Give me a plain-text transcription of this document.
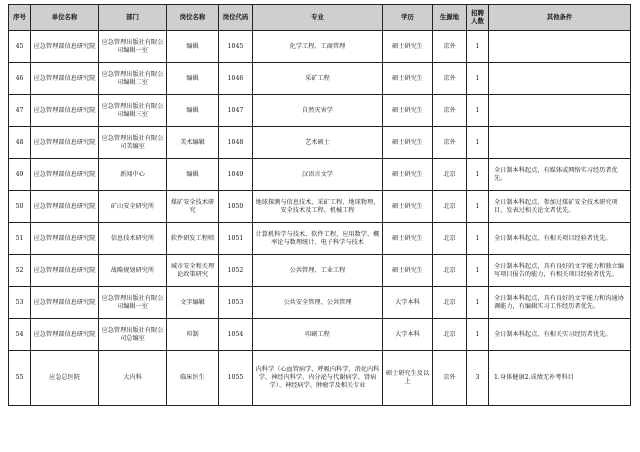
序号	单位名称	部门	岗位名称	岗位代码	专业	学历	生源地	招聘人数	其他条件
45	应急管理部信息研究院	应急管理出版社有限公司编辑一室	编辑	1045	化学工程、工商管理	硕士研究生	京外	1	
46	应急管理部信息研究院	应急管理出版社有限公司编辑二室	编辑	1046	采矿工程	硕士研究生	京外	1	
47	应急管理部信息研究院	应急管理出版社有限公司编辑三室	编辑	1047	自然灾害学	硕士研究生	京外	1	
48	应急管理部信息研究院	应急管理出版社有限公司美编室	美术编辑	1048	艺术硕士	硕士研究生	京外	1	
49	应急管理部信息研究院	新闻中心	编辑	1049	汉语言文学	硕士研究生	北京	1	全日制本科起点，有媒体或网络实习经历者优先。
50	应急管理部信息研究院	矿山安全研究所	煤矿安全技术研究	1050	地球探测与信息技术、采矿工程、地球物理、安全技术及工程、机械工程	硕士研究生	北京	1	全日制本科起点，参加过煤矿安全技术研究项目，发表过相关论文者优先。
51	应急管理部信息研究院	信息技术研究所	软件研发工程师	1051	计算机科学与技术、软件工程、应用数学、概率论与数理统计、电子科学与技术	硕士研究生	北京	1	全日制本科起点，有相关项目经验者优先。
52	应急管理部信息研究院	战略规划研究所	城市安全和关理论政策研究	1052	公共管理、工业工程	硕士研究生	北京	1	全日制本科起点，具有良好的文字能力和独立编写项目报告的能力，有相关项目经验者优先。
53	应急管理部信息研究院	应急管理出版社有限公司编辑一室	文字编辑	1053	公共安全管理、公共管理	大学本科	北京	1	全日制本科起点，具有良好的文字能力和沟通协调能力，有编辑实习工作经历者优先。
54	应急管理部信息研究院	应急管理出版社有限公司总编室	印制	1054	印刷工程	大学本科	北京	1	全日制本科起点，有相关实习经历者优先。
55	应急总医院	大内科	临床医生	1055	内科学（心血管病学、呼吸内科学、消化内科学、神经内科学、内分泌与代谢病学、肾病学）、神经病学、肿瘤学及相关专业	硕士研究生及以上	京外	3	1.身体健康2.成绩无补考科目
